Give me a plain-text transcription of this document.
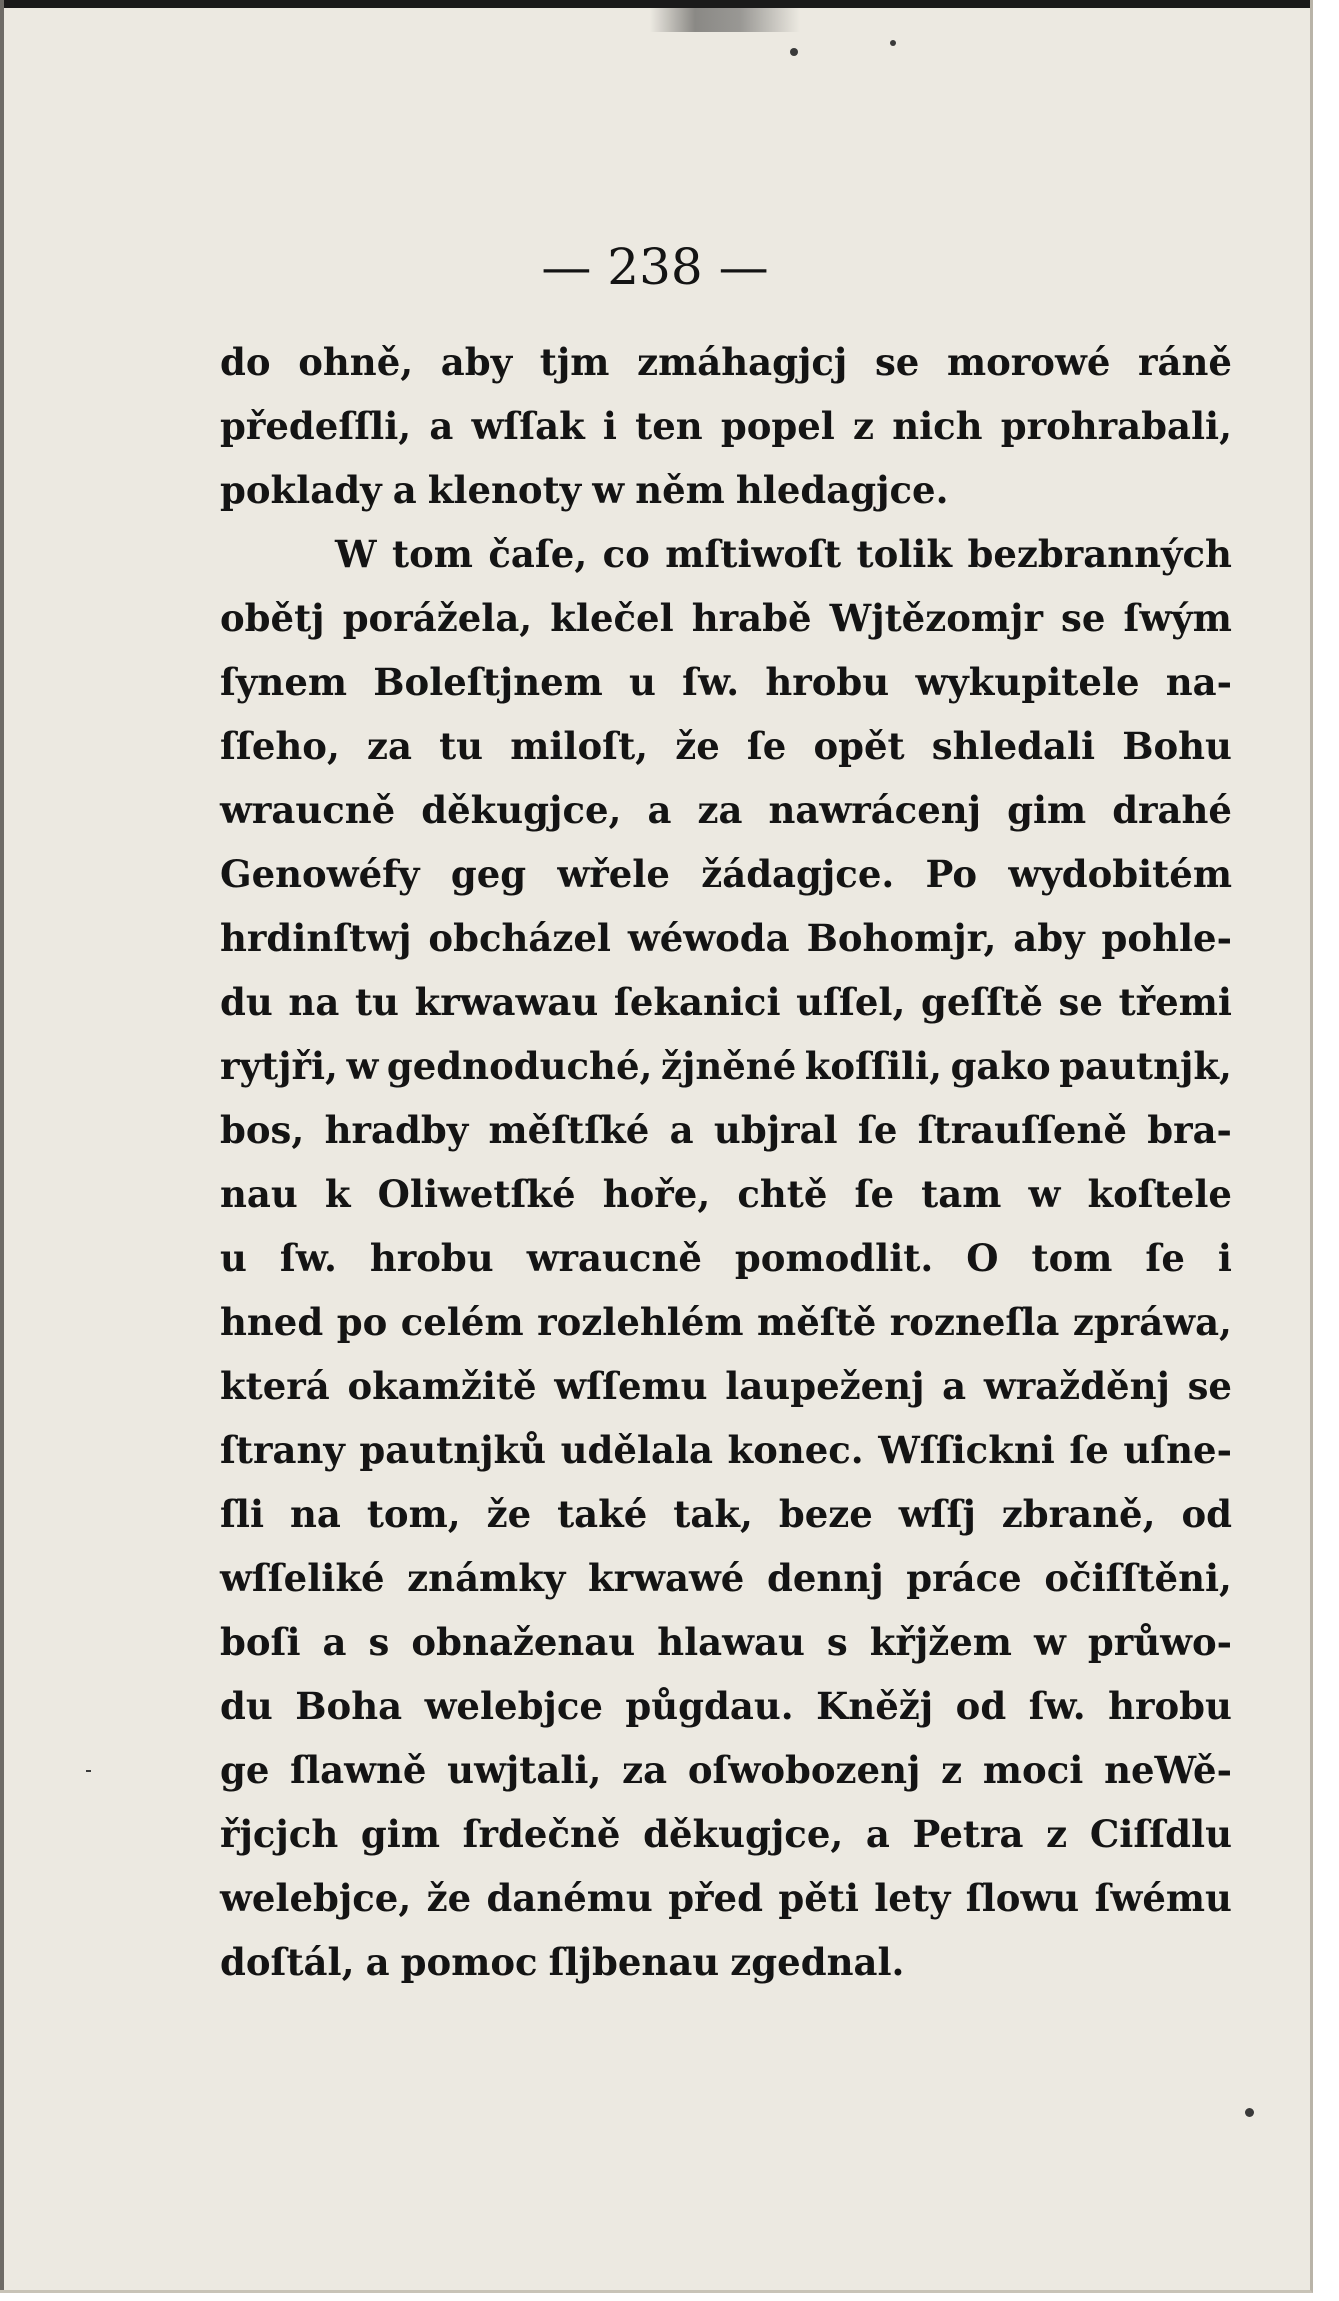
— 238 —
do ohně, aby tjm zmáhagjcj se morowé ráně
předeſſli, a wſſak i ten popel z nich prohrabali,
poklady a klenoty w něm hledagjce.
W tom čaſe, co mſtiwoſt tolik bezbranných
obětj porážela, klečel hrabě Wjtězomjr se ſwým
ſynem Boleſtjnem u ſw. hrobu wykupitele na-
ſſeho, za tu miloſt, že ſe opět shledali Bohu
wraucně děkugjce, a za nawrácenj gim drahé
Genowéfy geg wřele žádagjce. Po wydobitém
hrdinſtwj obcházel wéwoda Bohomjr, aby pohle-
du na tu krwawau ſekanici uſſel, geſſtě se třemi
rytjři, w gednoduché, žjněné koſſili, gako pautnjk,
bos, hradby měſtſké a ubjral ſe ſtrauſſeně bra-
nau k Oliwetſké hoře, chtě ſe tam w koſtele
u ſw. hrobu wraucně pomodlit. O tom ſe i
hned po celém rozlehlém měſtě rozneſla zpráwa,
která okamžitě wſſemu laupeženj a wražděnj se
ſtrany pautnjků udělala konec. Wſſickni ſe uſne-
ſli na tom, že také tak, beze wſſj zbraně, od
wſſeliké známky krwawé dennj práce očiſſtěni,
boſi a s obnaženau hlawau s křjžem w průwo-
du Boha welebjce půgdau. Kněžj od ſw. hrobu
ge ſlawně uwjtali, za oſwobozenj z moci neWě-
řjcjch gim ſrdečně děkugjce, a Petra z Ciſſdlu
welebjce, že danému před pěti lety ſlowu ſwému
doſtál, a pomoc ſljbenau zgednal.
